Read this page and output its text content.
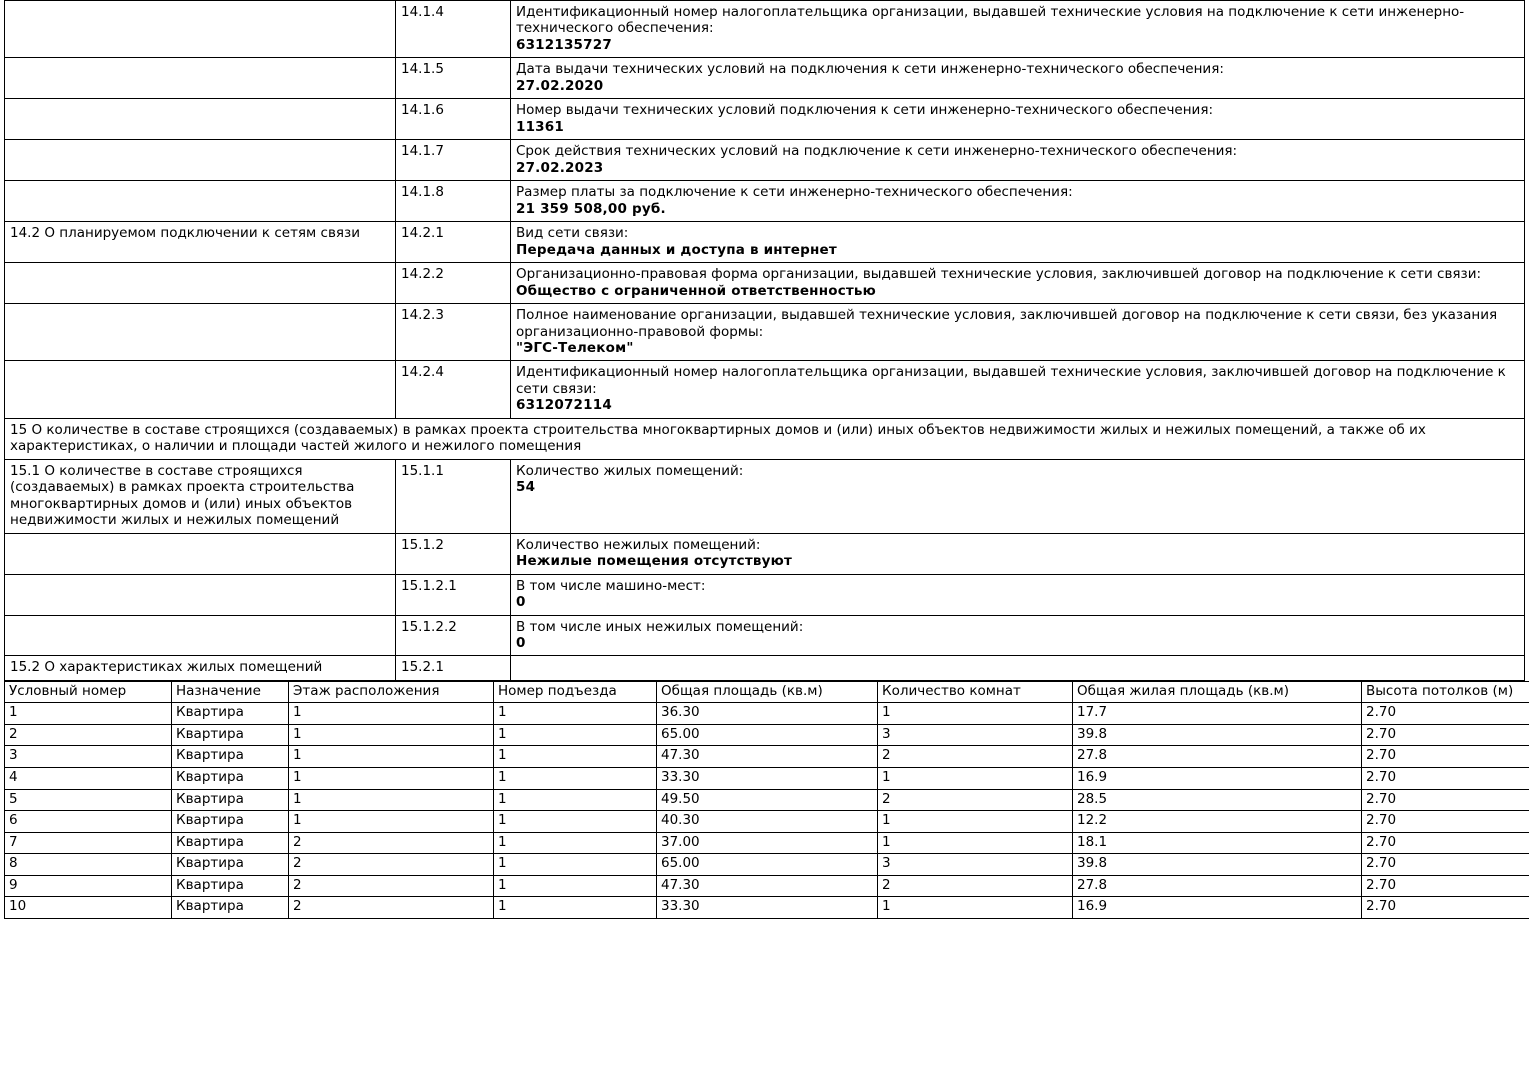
	14.1.4	Идентификационный номер налогоплательщика организации, выдавшей технические условия на подключение к сети инженерно-технического обеспечения:
6312135727

	14.1.5	Дата выдачи технических условий на подключения к сети инженерно-технического обеспечения:
27.02.2020

	14.1.6	Номер выдачи технических условий подключения к сети инженерно-технического обеспечения:
11361

	14.1.7	Срок действия технических условий на подключение к сети инженерно-технического обеспечения:
27.02.2023

	14.1.8	Размер платы за подключение к сети инженерно-технического обеспечения:
21 359 508,00 руб.

14.2 О планируемом подключении к сетям связи	14.2.1	Вид сети связи:
Передача данных и доступа в интернет

	14.2.2	Организационно-правовая форма организации, выдавшей технические условия, заключившей договор на подключение к сети связи:
Общество с ограниченной ответственностью

	14.2.3	Полное наименование организации, выдавшей технические условия, заключившей договор на подключение к сети связи, без указания организационно-правовой формы:
"ЭГС-Телеком"

	14.2.4	Идентификационный номер налогоплательщика организации, выдавшей технические условия, заключившей договор на подключение к сети связи:
6312072114

15 О количестве в составе строящихся (создаваемых) в рамках проекта строительства многоквартирных домов и (или) иных объектов недвижимости жилых и нежилых помещений, а также об их характеристиках, о наличии и площади частей жилого и нежилого помещения		
15.1 О количестве в составе строящихся (создаваемых) в рамках проекта строительства многоквартирных домов и (или) иных объектов недвижимости жилых и нежилых помещений	15.1.1	Количество жилых помещений:
54

	15.1.2	Количество нежилых помещений:
Нежилые помещения отсутствуют

	15.1.2.1	В том числе машино-мест:
0

	15.1.2.2	В том числе иных нежилых помещений:
0

15.2 О характеристиках жилых помещений	15.2.1	
Условный номер	Назначение	Этаж расположения	Номер подъезда	Общая площадь (кв.м)	Количество комнат	Общая жилая площадь (кв.м)	Высота потолков (м)
1	Квартира	1	1	36.30	1	17.7	2.70
2	Квартира	1	1	65.00	3	39.8	2.70
3	Квартира	1	1	47.30	2	27.8	2.70
4	Квартира	1	1	33.30	1	16.9	2.70
5	Квартира	1	1	49.50	2	28.5	2.70
6	Квартира	1	1	40.30	1	12.2	2.70
7	Квартира	2	1	37.00	1	18.1	2.70
8	Квартира	2	1	65.00	3	39.8	2.70
9	Квартира	2	1	47.30	2	27.8	2.70
10	Квартира	2	1	33.30	1	16.9	2.70
